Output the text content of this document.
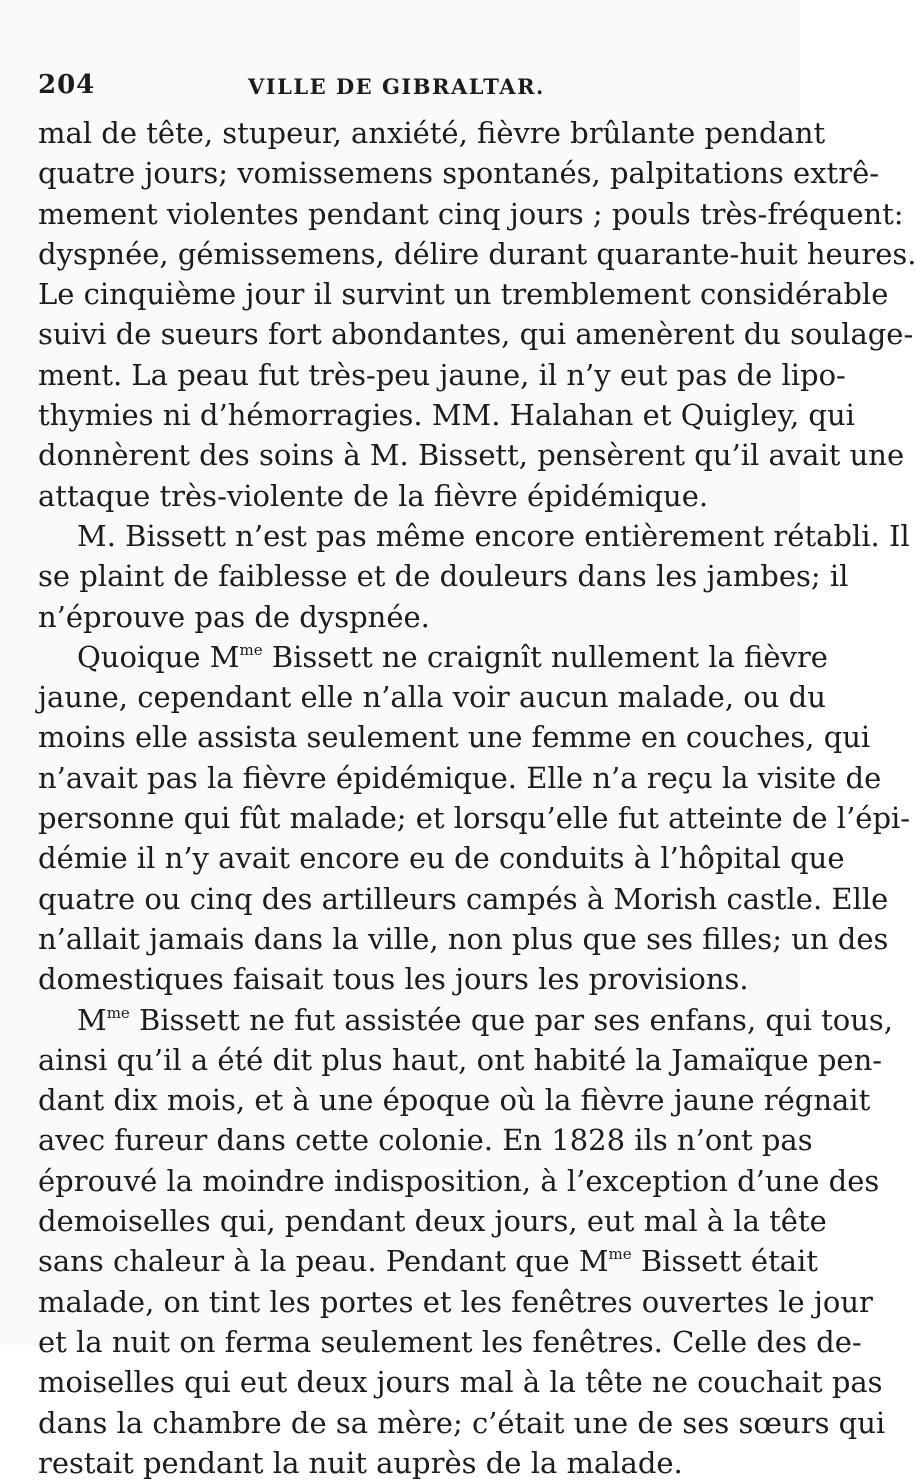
204	VILLE DE GIBRALTAR.
mal de tête, stupeur, anxiété, fièvre brûlante pendant
quatre jours; vomissemens spontanés, palpitations extrê-
mement violentes pendant cinq jours ; pouls très-fréquent:
dyspnée, gémissemens, délire durant quarante-huit heures.
Le cinquième jour il survint un tremblement considérable
suivi de sueurs fort abondantes, qui amenèrent du soulage-
ment. La peau fut très-peu jaune, il n’y eut pas de lipo-
thymies ni d’hémorragies. MM. Halahan et Quigley, qui
donnèrent des soins à M. Bissett, pensèrent qu’il avait une
attaque très-violente de la fièvre épidémique.
M. Bissett n’est pas même encore entièrement rétabli. Il
se plaint de faiblesse et de douleurs dans les jambes; il
n’éprouve pas de dyspnée.
Quoique $M^{me}$ Bissett ne craignît nullement la fièvre
jaune, cependant elle n’alla voir aucun malade, ou du
moins elle assista seulement une femme en couches, qui
n’avait pas la fièvre épidémique. Elle n’a reçu la visite de
personne qui fût malade; et lorsqu’elle fut atteinte de l’épi-
démie il n’y avait encore eu de conduits à l’hôpital que
quatre ou cinq des artilleurs campés à Morish castle. Elle
n’allait jamais dans la ville, non plus que ses filles; un des
domestiques faisait tous les jours les provisions.
$M^{me}$ Bissett ne fut assistée que par ses enfans, qui tous,
ainsi qu’il a été dit plus haut, ont habité la Jamaïque pen-
dant dix mois, et à une époque où la fièvre jaune régnait
avec fureur dans cette colonie. En 1828 ils n’ont pas
éprouvé la moindre indisposition, à l’exception d’une des
demoiselles qui, pendant deux jours, eut mal à la tête
sans chaleur à la peau. Pendant que $M^{me}$ Bissett était
malade, on tint les portes et les fenêtres ouvertes le jour
et la nuit on ferma seulement les fenêtres. Celle des de-
moiselles qui eut deux jours mal à la tête ne couchait pas
dans la chambre de sa mère; c’était une de ses sœurs qui
restait pendant la nuit auprès de la malade.
